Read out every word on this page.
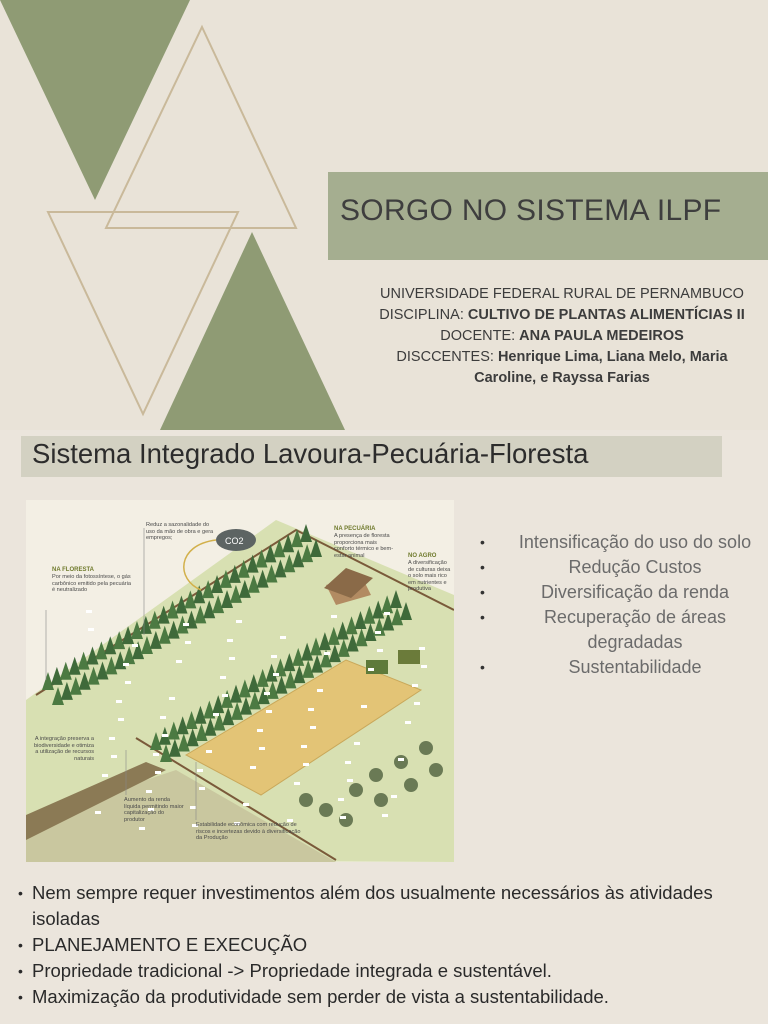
SORGO NO SISTEMA ILPF
UNIVERSIDADE FEDERAL RURAL DE PERNAMBUCO
DISCIPLINA: CULTIVO DE PLANTAS ALIMENTÍCIAS II
DOCENTE: ANA PAULA MEDEIROS
DISCCENTES: Henrique Lima, Liana Melo, Maria
Caroline, e Rayssa Farias
Sistema Integrado Lavoura-Pecuária-Floresta
CO2
NA FLORESTA
Por meio da fotossíntese, o gás carbônico emitido pela pecuária é neutralizado
Reduz a sazonalidade do uso da mão de obra e gera empregos;
NA PECUÁRIA
A presença de floresta proporciona mais conforto térmico e bem-estar animal	NO AGRO
A diversificação de culturas deixa o solo mais rico em nutrientes e produtiva
A integração preserva a biodiversidade e otimiza a utilização de recursos naturais
Aumento da renda líquida permitindo maior capitalização do produtor
Estabilidade econômica com redução de riscos e incertezas devido à diversificação da Produção
• Intensificação do uso do solo
•	Redução Custos
•	Diversificação da renda
•	Recuperação de áreas degradadas
•	Sustentabilidade
• Nem sempre requer investimentos além dos usualmente necessários às atividades isoladas
• PLANEJAMENTO E EXECUÇÃO
• Propriedade tradicional -> Propriedade integrada e sustentável.
• Maximização da produtividade sem perder de vista a sustentabilidade.
